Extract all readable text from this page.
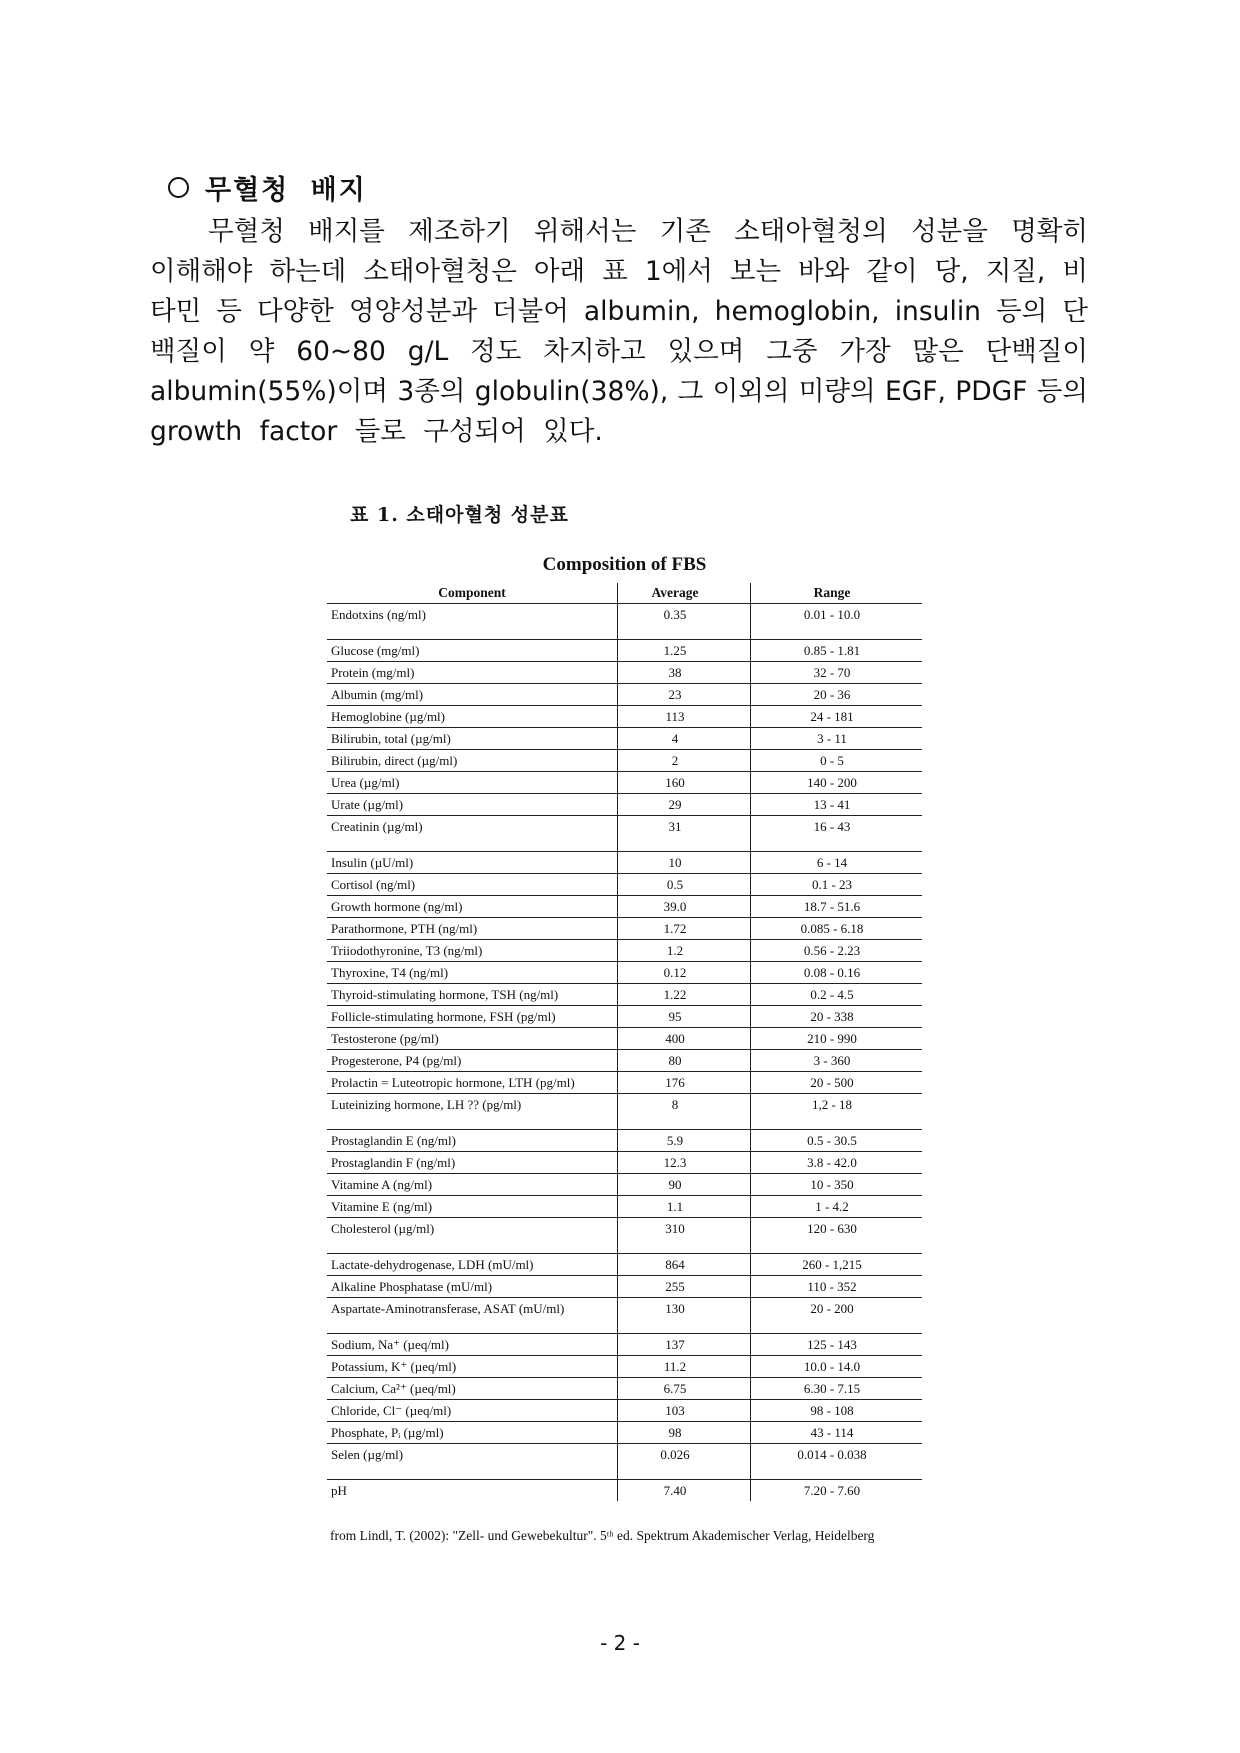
무혈청 배지
무혈청 배지를 제조하기 위해서는 기존 소태아혈청의 성분을 명확히
이해해야 하는데 소태아혈청은 아래 표 1에서 보는 바와 같이 당, 지질, 비
타민 등 다양한 영양성분과 더불어 albumin, hemoglobin, insulin 등의 단
백질이 약 60~80 g/L 정도 차지하고 있으며 그중 가장 많은 단백질이
albumin(55%)이며 3종의 globulin(38%), 그 이외의 미량의 EGF, PDGF 등의
growth factor 들로 구성되어 있다.
표 1. 소태아혈청 성분표
Composition of FBS
Component	Average	Range
Endotxins (ng/ml)	0.35	0.01 - 10.0
Glucose (mg/ml)	1.25	0.85 - 1.81
Protein (mg/ml)	38	32 - 70
Albumin (mg/ml)	23	20 - 36
Hemoglobine (µg/ml)	113	24 - 181
Bilirubin, total (µg/ml)	4	3 - 11
Bilirubin, direct (µg/ml)	2	0 - 5
Urea (µg/ml)	160	140 - 200
Urate (µg/ml)	29	13 - 41
Creatinin (µg/ml)	31	16 - 43
Insulin (µU/ml)	10	6 - 14
Cortisol (ng/ml)	0.5	0.1 - 23
Growth hormone (ng/ml)	39.0	18.7 - 51.6
Parathormone, PTH (ng/ml)	1.72	0.085 - 6.18
Triiodothyronine, T3 (ng/ml)	1.2	0.56 - 2.23
Thyroxine, T4 (ng/ml)	0.12	0.08 - 0.16
Thyroid-stimulating hormone, TSH (ng/ml)	1.22	0.2 - 4.5
Follicle-stimulating hormone, FSH (pg/ml)	95	20 - 338
Testosterone (pg/ml)	400	210 - 990
Progesterone, P4 (pg/ml)	80	3 - 360
Prolactin = Luteotropic hormone, LTH (pg/ml)	176	20 - 500
Luteinizing hormone, LH ?? (pg/ml)	8	1,2 - 18
Prostaglandin E (ng/ml)	5.9	0.5 - 30.5
Prostaglandin F (ng/ml)	12.3	3.8 - 42.0
Vitamine A (ng/ml)	90	10 - 350
Vitamine E (ng/ml)	1.1	1 - 4.2
Cholesterol (µg/ml)	310	120 - 630
Lactate-dehydrogenase, LDH (mU/ml)	864	260 - 1,215
Alkaline Phosphatase (mU/ml)	255	110 - 352
Aspartate-Aminotransferase, ASAT (mU/ml)	130	20 - 200
Sodium, Na⁺ (µeq/ml)	137	125 - 143
Potassium, K⁺ (µeq/ml)	11.2	10.0 - 14.0
Calcium, Ca²⁺ (µeq/ml)	6.75	6.30 - 7.15
Chloride, Cl⁻ (µeq/ml)	103	98 - 108
Phosphate, Pᵢ (µg/ml)	98	43 - 114
Selen (µg/ml)	0.026	0.014 - 0.038
pH	7.40	7.20 - 7.60
from Lindl, T. (2002): "Zell- und Gewebekultur". 5ᵗʰ ed. Spektrum Akademischer Verlag, Heidelberg
- 2 -
